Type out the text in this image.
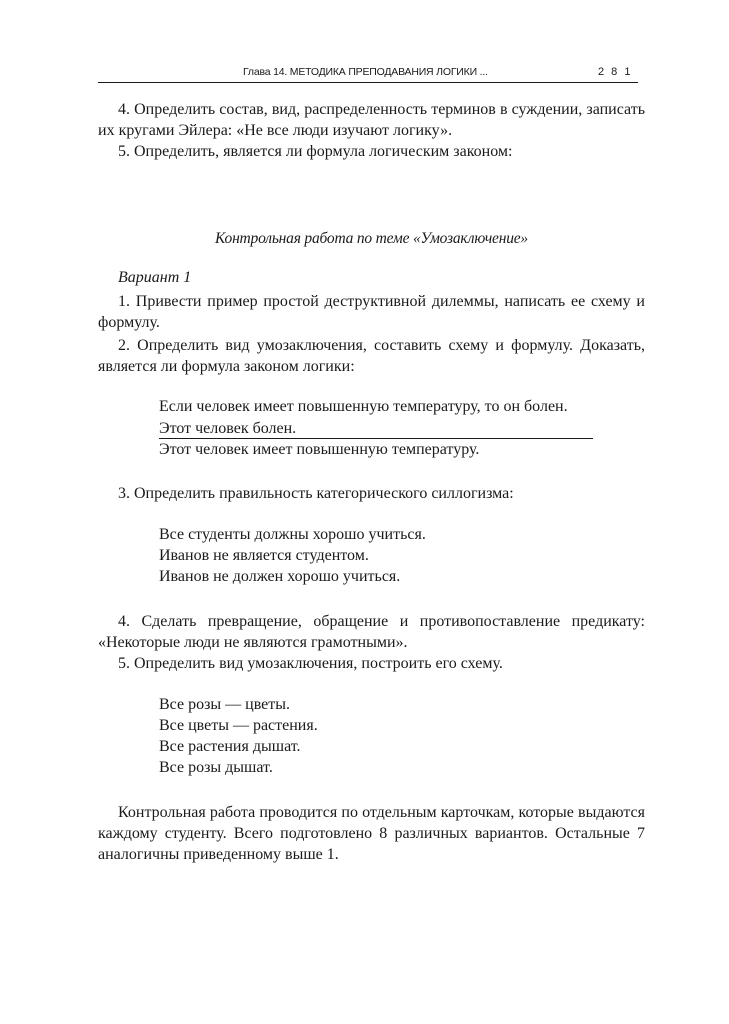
Глава 14. МЕТОДИКА ПРЕПОДАВАНИЯ ЛОГИКИ ...	2 8 1
4. Определить состав, вид, распределенность терминов в суждении, записать их кругами Эйлера: «Не все люди изучают логику».
5. Определить, является ли формула логическим законом:
Контрольная работа по теме «Умозаключение»
Вариант 1
1. Привести пример простой деструктивной дилеммы, написать ее схему и формулу.
2. Определить вид умозаключения, составить схему и формулу. Доказать, является ли формула законом логики:
Если человек имеет повышенную температуру, то он болен.
Этот человек болен.
Этот человек имеет повышенную температуру.
3. Определить правильность категорического силлогизма:
Все студенты должны хорошо учиться.
Иванов не является студентом.
Иванов не должен хорошо учиться.
4. Сделать превращение, обращение и противопоставление предикату: «Некоторые люди не являются грамотными».
5. Определить вид умозаключения, построить его схему.
Все розы — цветы.
Все цветы — растения.
Все растения дышат.
Все розы дышат.
Контрольная работа проводится по отдельным карточкам, которые выдаются каждому студенту. Всего подготовлено 8 различных вариантов. Остальные 7 аналогичны приведенному выше 1.
